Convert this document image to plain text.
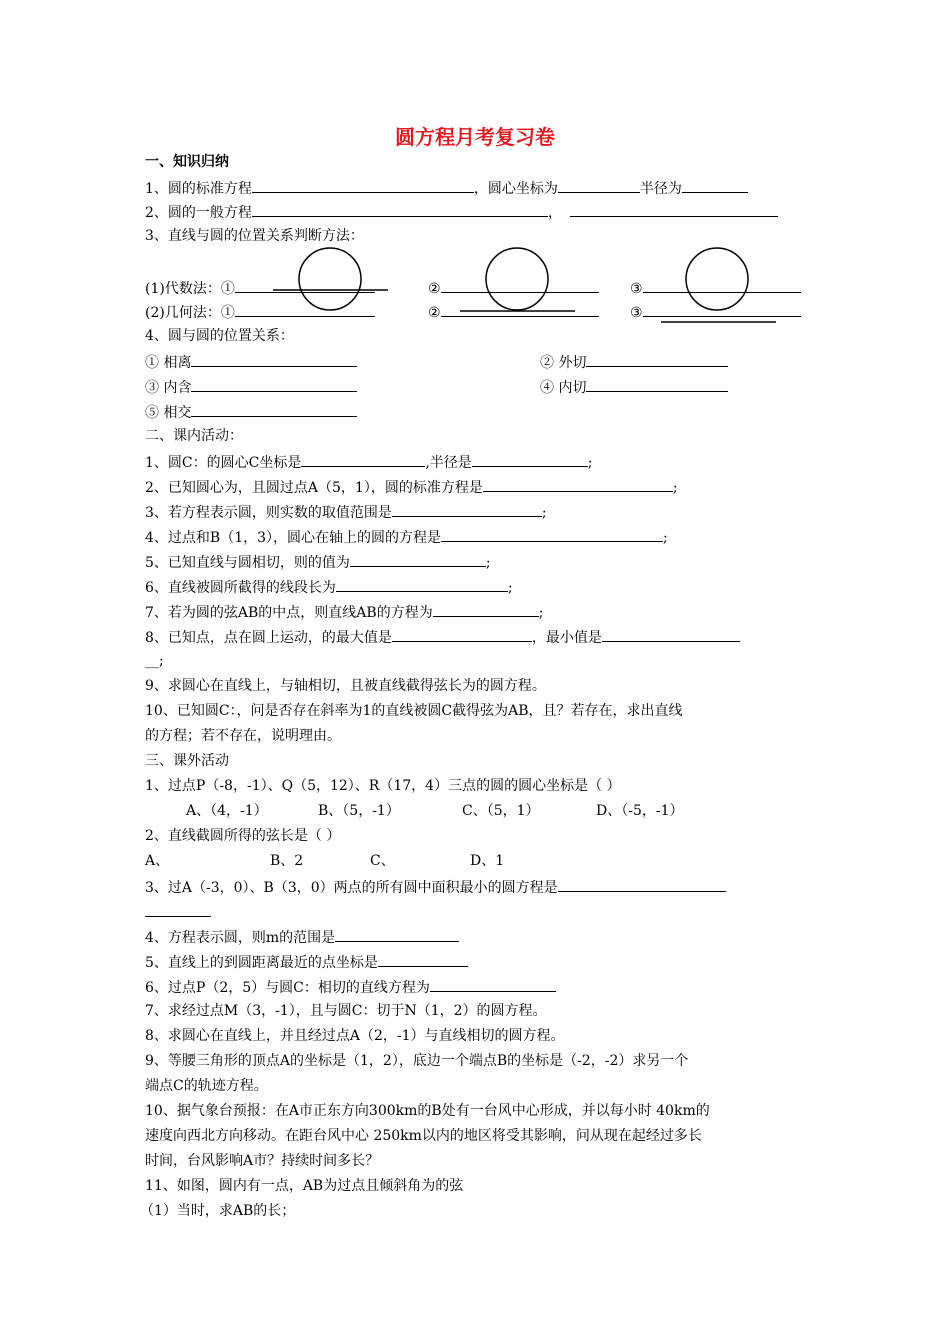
圆方程月考复习卷
一、知识归纳
1、圆的标准方程	，圆心坐标为	半径为
2、圆的一般方程	，
3、直线与圆的位置关系判断方法：
(1)代数法：①	②	③
(2)几何法：①	②	③
4、圆与圆的位置关系：
① 相离	② 外切
③ 内含	④ 内切
⑤ 相交
二、课内活动：
1、圆C：的圆心C坐标是	,半径是	;
2、已知圆心为，且圆过点A（5，1），圆的标准方程是	;
3、若方程表示圆，则实数的取值范围是	;
4、过点和B（1，3），圆心在轴上的圆的方程是	;
5、已知直线与圆相切，则的值为	;
6、直线被圆所截得的线段长为	;
7、若为圆的弦AB的中点，则直线AB的方程为	;
8、已知点，点在圆上运动，的最大值是	，最小值是
__;
9、求圆心在直线上，与轴相切，且被直线截得弦长为的圆方程。
10、已知圆C：，问是否存在斜率为1的直线被圆C截得弦为AB，且？若存在，求出直线
的方程；若不存在，说明理由。
三、课外活动
1、过点P（-8，-1）、Q（5，12）、R（17，4）三点的圆的圆心坐标是（ ）
A、（4，-1）	B、（5，-1）	C、（5，1）	D、（-5，-1）
2、直线截圆所得的弦长是（ ）
A、	B、2	C、	D、1
3、过A（-3，0）、B（3，0）两点的所有圆中面积最小的圆方程是
4、方程表示圆，则m的范围是
5、直线上的到圆距离最近的点坐标是
6、过点P（2，5）与圆C：相切的直线方程为
7、求经过点M（3，-1），且与圆C：切于N（1，2）的圆方程。
8、求圆心在直线上，并且经过点A（2，-1）与直线相切的圆方程。
9、等腰三角形的顶点A的坐标是（1，2），底边一个端点B的坐标是（-2，-2）求另一个
端点C的轨迹方程。
10、据气象台预报：在A市正东方向300km的B处有一台风中心形成，并以每小时 40km的
速度向西北方向移动。在距台风中心 250km以内的地区将受其影响，问从现在起经过多长
时间，台风影响A市？持续时间多长？
11、如图，圆内有一点，AB为过点且倾斜角为的弦
（1）当时，求AB的长；
